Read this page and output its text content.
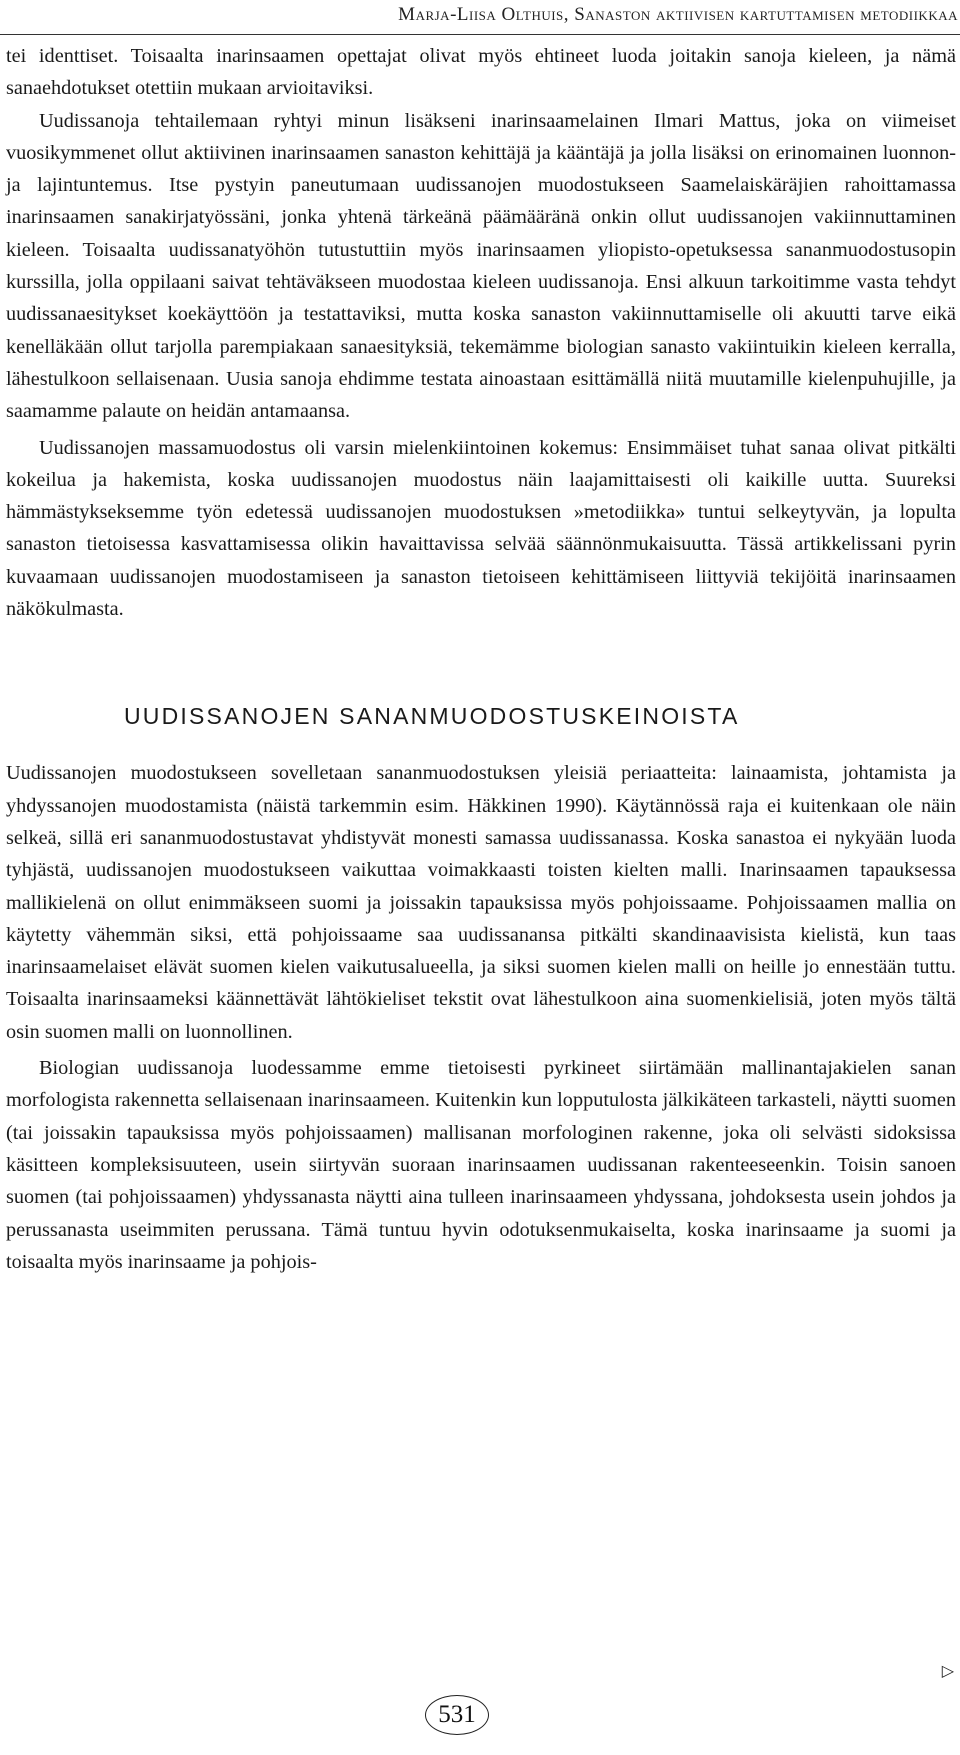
Marja-Liisa Olthuis, Sanaston aktiivisen kartuttamisen metodiikkaa

tei identtiset. Toisaalta inarinsaamen opettajat olivat myös ehtineet luoda joitakin sanoja kieleen, ja nämä sanaehdotukset otettiin mukaan arvioitaviksi.

Uudissanoja tehtailemaan ryhtyi minun lisäkseni inarinsaamelainen Ilmari Mattus, joka on viimeiset vuosikymmenet ollut aktiivinen inarinsaamen sanaston kehittäjä ja kääntäjä ja jolla lisäksi on erinomainen luonnon- ja lajintuntemus. Itse pystyin paneutumaan uudissanojen muodostukseen Saamelaiskäräjien rahoittamassa inarinsaamen sanakirjatyössäni, jonka yhtenä tärkeänä päämääränä onkin ollut uudissanojen vakiinnuttaminen kieleen. Toisaalta uudissanatyöhön tutustuttiin myös inarinsaamen yliopisto-opetuksessa sananmuodostusopin kurssilla, jolla oppilaani saivat tehtäväkseen muodostaa kieleen uudissanoja. Ensi alkuun tarkoitimme vasta tehdyt uudissanaesitykset koekäyttöön ja testattaviksi, mutta koska sanaston vakiinnuttamiselle oli akuutti tarve eikä kenelläkään ollut tarjolla parempiakaan sanaesityksiä, tekemämme biologian sanasto vakiintuikin kieleen kerralla, lähestulkoon sellaisenaan. Uusia sanoja ehdimme testata ainoastaan esittämällä niitä muutamille kielenpuhujille, ja saamamme palaute on heidän antamaansa.

Uudissanojen massamuodostus oli varsin mielenkiintoinen kokemus: Ensimmäiset tuhat sanaa olivat pitkälti kokeilua ja hakemista, koska uudissanojen muodostus näin laajamittaisesti oli kaikille uutta. Suureksi hämmästykseksemme työn edetessä uudissanojen muodostuksen »metodiikka» tuntui selkeytyvän, ja lopulta sanaston tietoisessa kasvattamisessa olikin havaittavissa selvää säännönmukaisuutta. Tässä artikkelissani pyrin kuvaamaan uudissanojen muodostamiseen ja sanaston tietoiseen kehittämiseen liittyviä tekijöitä inarinsaamen näkökulmasta.

UUDISSANOJEN SANANMUODOSTUSKEINOISTA

Uudissanojen muodostukseen sovelletaan sananmuodostuksen yleisiä periaatteita: lainaamista, johtamista ja yhdyssanojen muodostamista (näistä tarkemmin esim. Häkkinen 1990). Käytännössä raja ei kuitenkaan ole näin selkeä, sillä eri sananmuodostustavat yhdistyvät monesti samassa uudissanassa. Koska sanastoa ei nykyään luoda tyhjästä, uudissanojen muodostukseen vaikuttaa voimakkaasti toisten kielten malli. Inarinsaamen tapauksessa mallikielenä on ollut enimmäkseen suomi ja joissakin tapauksissa myös pohjoissaame. Pohjoissaamen mallia on käytetty vähemmän siksi, että pohjoissaame saa uudissanansa pitkälti skandinaavisista kielistä, kun taas inarinsaamelaiset elävät suomen kielen vaikutusalueella, ja siksi suomen kielen malli on heille jo ennestään tuttu. Toisaalta inarinsaameksi käännettävät lähtökieliset tekstit ovat lähestulkoon aina suomenkielisiä, joten myös tältä osin suomen malli on luonnollinen.

Biologian uudissanoja luodessamme emme tietoisesti pyrkineet siirtämään mallinantajakielen sanan morfologista rakennetta sellaisenaan inarinsaameen. Kuitenkin kun lopputulosta jälkikäteen tarkasteli, näytti suomen (tai joissakin tapauksissa myös pohjoissaamen) mallisanan morfologinen rakenne, joka oli selvästi sidoksissa käsitteen kompleksisuuteen, usein siirtyvän suoraan inarinsaamen uudissanan rakenteeseenkin. Toisin sanoen suomen (tai pohjoissaamen) yhdyssanasta näytti aina tulleen inarinsaameen yhdyssana, johdoksesta usein johdos ja perussanasta useimmiten perussana. Tämä tuntuu hyvin odotuksenmukaiselta, koska inarinsaame ja suomi ja toisaalta myös inarinsaame ja pohjois-

▷
531
